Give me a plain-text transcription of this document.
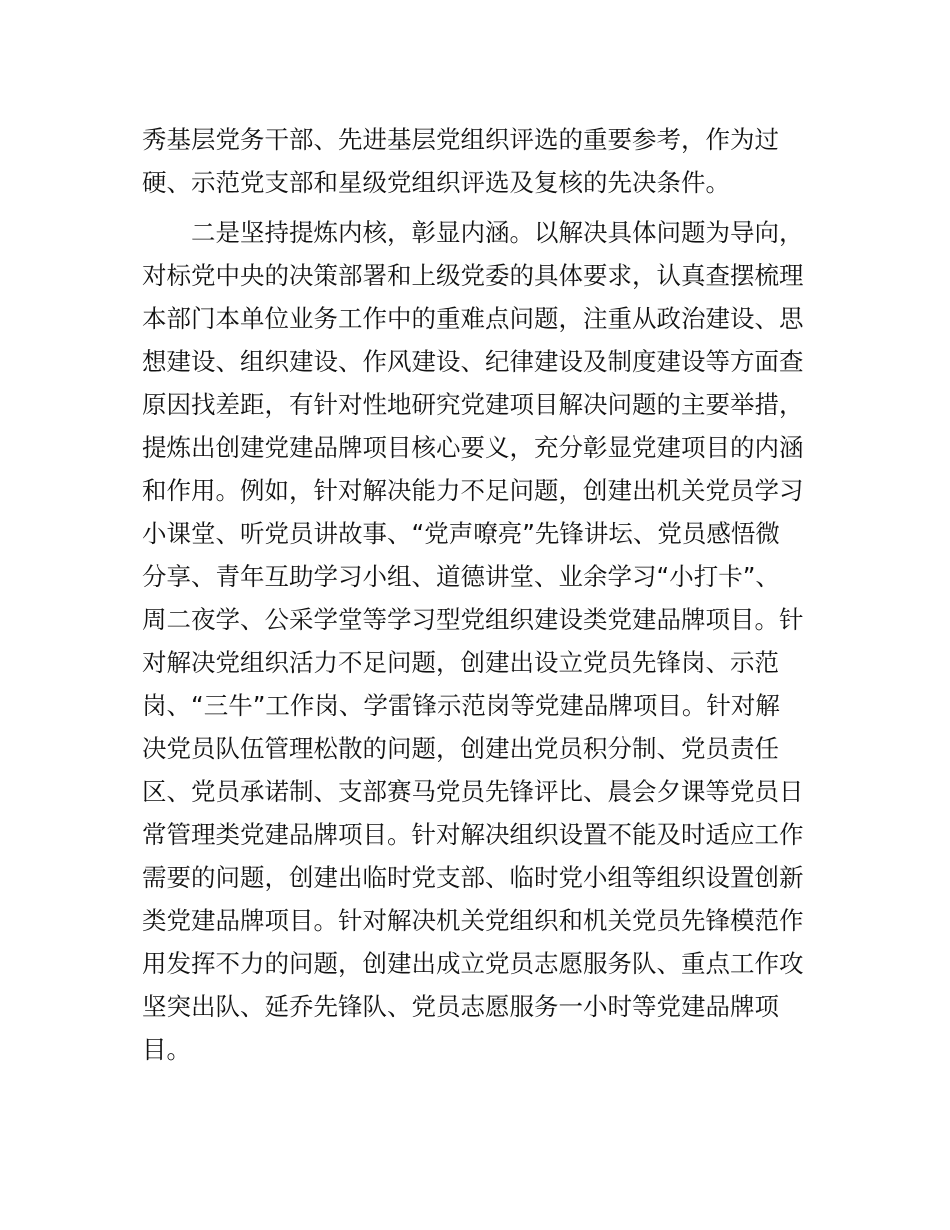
秀基层党务干部、先进基层党组织评选的重要参考，作为过
硬、示范党支部和星级党组织评选及复核的先决条件。
　　二是坚持提炼内核，彰显内涵。以解决具体问题为导向，
对标党中央的决策部署和上级党委的具体要求，认真查摆梳理
本部门本单位业务工作中的重难点问题，注重从政治建设、思
想建设、组织建设、作风建设、纪律建设及制度建设等方面查
原因找差距，有针对性地研究党建项目解决问题的主要举措，
提炼出创建党建品牌项目核心要义，充分彰显党建项目的内涵
和作用。例如，针对解决能力不足问题，创建出机关党员学习
小课堂、听党员讲故事、“党声嘹亮”先锋讲坛、党员感悟微
分享、青年互助学习小组、道德讲堂、业余学习“小打卡”、
周二夜学、公采学堂等学习型党组织建设类党建品牌项目。针
对解决党组织活力不足问题，创建出设立党员先锋岗、示范
岗、“三牛”工作岗、学雷锋示范岗等党建品牌项目。针对解
决党员队伍管理松散的问题，创建出党员积分制、党员责任
区、党员承诺制、支部赛马党员先锋评比、晨会夕课等党员日
常管理类党建品牌项目。针对解决组织设置不能及时适应工作
需要的问题，创建出临时党支部、临时党小组等组织设置创新
类党建品牌项目。针对解决机关党组织和机关党员先锋模范作
用发挥不力的问题，创建出成立党员志愿服务队、重点工作攻
坚突出队、延乔先锋队、党员志愿服务一小时等党建品牌项
目。
